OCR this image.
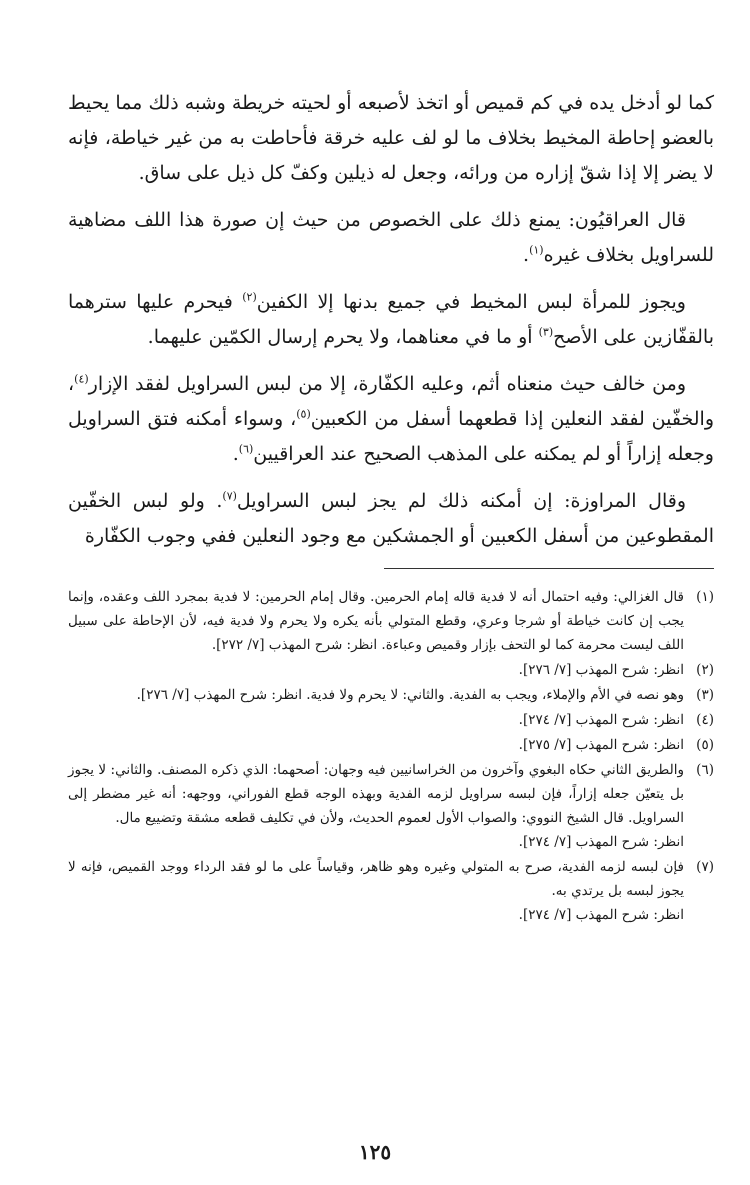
كما لو أدخل يده في كم قميص أو اتخذ لأصبعه أو لحيته خريطة وشبه ذلك مما يحيط بالعضو إحاطة المخيط بخلاف ما لو لف عليه خرقة فأحاطت به من غير خياطة، فإنه لا يضر إلا إذا شقّ إزاره من ورائه، وجعل له ذيلين وكفّ كل ذيل على ساق.

قال العراقيُون: يمنع ذلك على الخصوص من حيث إن صورة هذا اللف مضاهية للسراويل بخلاف غيره$^{(١)}$.

ويجوز للمرأة لبس المخيط في جميع بدنها إلا الكفين$^{(٢)}$ فيحرم عليها سترهما بالقفّازين على الأصح$^{(٣)}$ أو ما في معناهما، ولا يحرم إرسال الكمّين عليهما.

ومن خالف حيث منعناه أثم، وعليه الكفّارة، إلا من لبس السراويل لفقد الإزار$^{(٤)}$، والخفّين لفقد النعلين إذا قطعهما أسفل من الكعبين$^{(٥)}$، وسواء أمكنه فتق السراويل وجعله إزاراً أو لم يمكنه على المذهب الصحيح عند العراقيين$^{(٦)}$.

وقال المراوزة: إن أمكنه ذلك لم يجز لبس السراويل$^{(٧)}$. ولو لبس الخفّين المقطوعين من أسفل الكعبين أو الجمشكين مع وجود النعلين ففي وجوب الكفّارة

(١)

قال الغزالي: وفيه احتمال أنه لا فدية قاله إمام الحرمين. وقال إمام الحرمين: لا فدية بمجرد اللف وعقده، وإنما يجب إن كانت خياطة أو شرجا وعري، وقطع المتولي بأنه يكره ولا يحرم ولا فدية فيه، لأن الإحاطة على سبيل اللف ليست محرمة كما لو التحف بإزار وقميص وعباءة. انظر: شرح المهذب [٧/ ٢٧٢].

(٢)

انظر: شرح المهذب [٧/ ٢٧٦].

(٣)

وهو نصه في الأم والإملاء، ويجب به الفدية. والثاني: لا يحرم ولا فدية. انظر: شرح المهذب [٧/ ٢٧٦].

(٤)

انظر: شرح المهذب [٧/ ٢٧٤].

(٥)

انظر: شرح المهذب [٧/ ٢٧٥].

(٦)

والطريق الثاني حكاه البغوي وآخرون من الخراسانيين فيه وجهان: أصحهما: الذي ذكره المصنف. والثاني: لا يجوز بل يتعيّن جعله إزاراً، فإن لبسه سراويل لزمه الفدية وبهذه الوجه قطع الفوراني، ووجهه: أنه غير مضطر إلى السراويل. قال الشيخ النووي: والصواب الأول لعموم الحديث، ولأن في تكليف قطعه مشقة وتضييع مال.

انظر: شرح المهذب [٧/ ٢٧٤].

(٧)

فإن لبسه لزمه الفدية، صرح به المتولي وغيره وهو ظاهر، وقياساً على ما لو فقد الرداء ووجد القميص، فإنه لا يجوز لبسه بل يرتدي به.

انظر: شرح المهذب [٧/ ٢٧٤].

١٢٥
